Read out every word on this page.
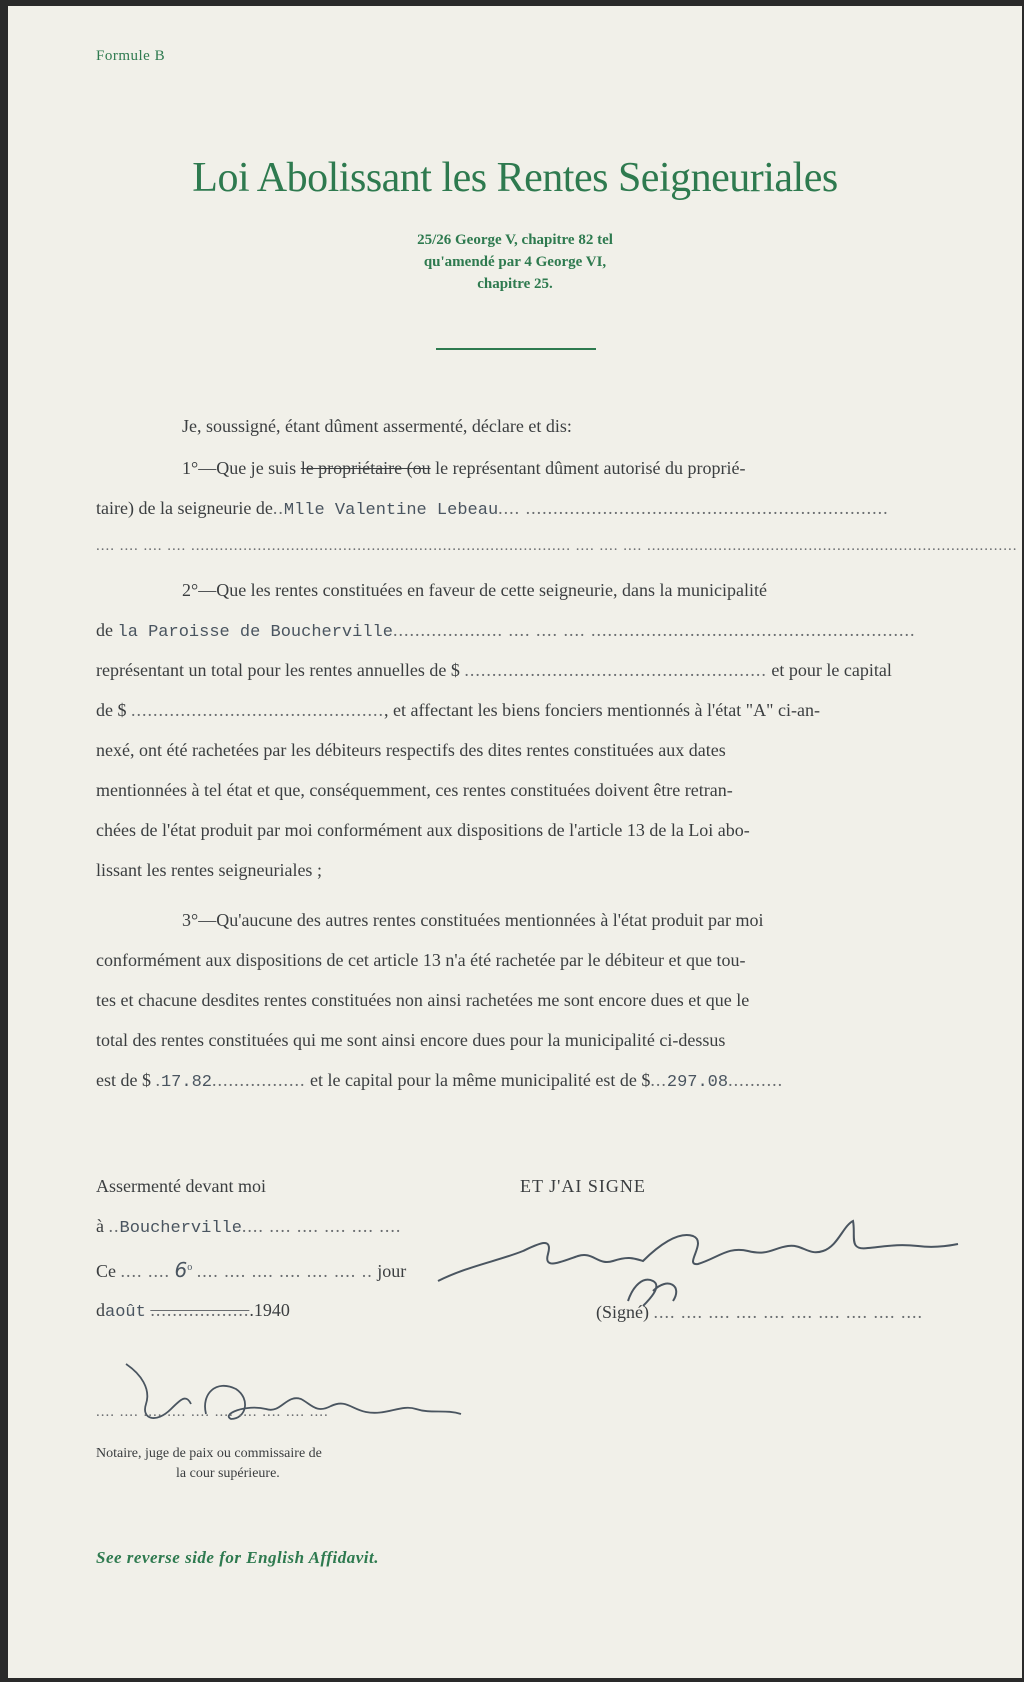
Formule B
Loi Abolissant les Rentes Seigneuriales
25/26 George V, chapitre 82 tel
qu'amendé par 4 George VI,
chapitre 25.
Je, soussigné, étant dûment assermenté, déclare et dis:
1°—Que je suis le propriétaire (ou le représentant dûment autorisé du proprié-
taire) de la seigneurie de..Mlle Valentine Lebeau.... ..................................................................
.... .... .... .... ................................................................................ .... .... .... ..............................................................................
2°—Que les rentes constituées en faveur de cette seigneurie, dans la municipalité
de la Paroisse de Boucherville.................... .... .... .... ...........................................................
représentant un total pour les rentes annuelles de $ ....................................................... et pour le capital
de $ .............................................., et affectant les biens fonciers mentionnés à l'état "A" ci-an-
nexé, ont été rachetées par les débiteurs respectifs des dites rentes constituées aux dates
mentionnées à tel état et que, conséquemment, ces rentes constituées doivent être retran-
chées de l'état produit par moi conformément aux dispositions de l'article 13 de la Loi abo-
lissant les rentes seigneuriales ;
3°—Qu'aucune des autres rentes constituées mentionnées à l'état produit par moi
conformément aux dispositions de cet article 13 n'a été rachetée par le débiteur et que tou-
tes et chacune desdites rentes constituées non ainsi rachetées me sont encore dues et que le
total des rentes constituées qui me sont ainsi encore dues pour la municipalité ci-dessus
est de $ .17.82................. et le capital pour la même municipalité est de $...297.08..........
Assermenté devant moi	ET J'AI SIGNE
à ..Boucherville.... .... .... .... .... ....
Ce .... .... 6$^o$ .... .... .... .... .... .... .. jour
daoût ...................1940	(Signé) .... .... .... .... .... .... .... .... .... ....
.... .... .... .... .... .... .... .... .... ....
Notaire, juge de paix ou commissaire de
la cour supérieure.
See reverse side for English Affidavit.
